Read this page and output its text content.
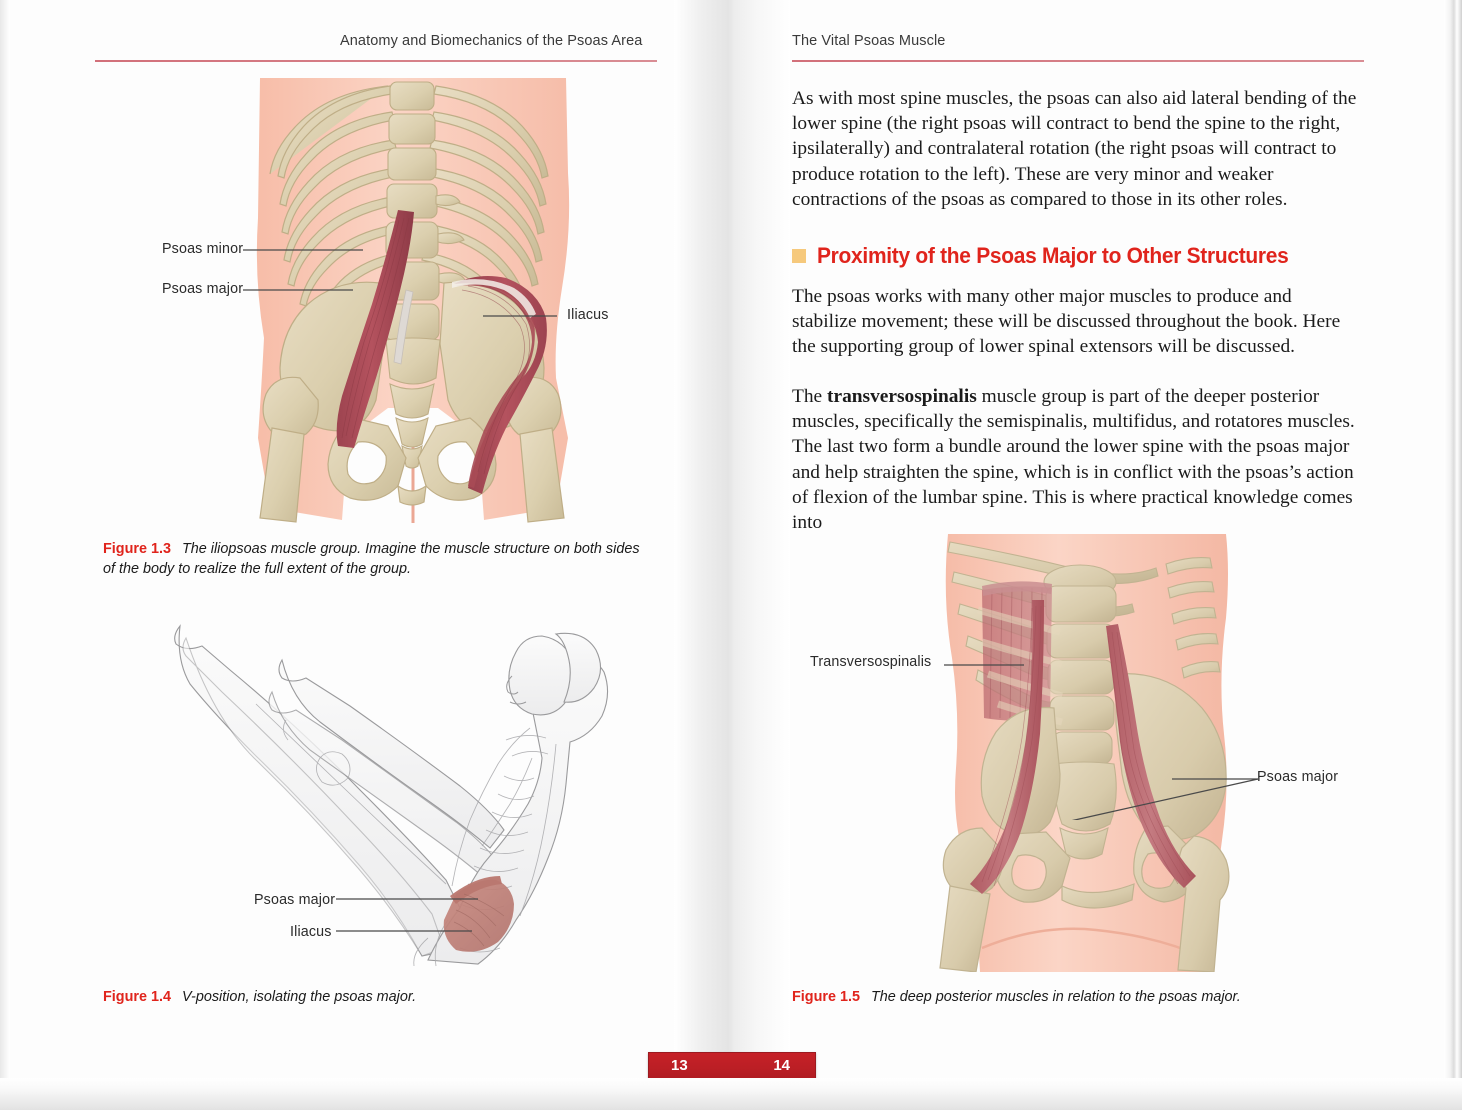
Anatomy and Biomechanics of the Psoas Area
Psoas minor
Psoas major
Iliacus
Figure 1.3 The iliopsoas muscle group. Imagine the muscle structure on both sides of the body to realize the full extent of the group.
Psoas major
Iliacus
Figure 1.4 V-position, isolating the psoas major.
The Vital Psoas Muscle
As with most spine muscles, the psoas can also aid lateral bending of the lower spine (the right psoas will contract to bend the spine to the right, ipsilaterally) and contralateral rotation (the right psoas will contract to produce rotation to the left). These are very minor and weaker contractions of the psoas as compared to those in its other roles.
Proximity of the Psoas Major to Other Structures
The psoas works with many other major muscles to produce and stabilize movement; these will be discussed throughout the book. Here the supporting group of lower spinal extensors will be discussed.
The transversospinalis muscle group is part of the deeper posterior muscles, specifically the semispinalis, multifidus, and rotatores muscles. The last two form a bundle around the lower spine with the psoas major and help straighten the spine, which is in conflict with the psoas’s action of flexion of the lumbar spine. This is where practical knowledge comes into
Transversospinalis
Psoas major
Figure 1.5 The deep posterior muscles in relation to the psoas major.
13	14
